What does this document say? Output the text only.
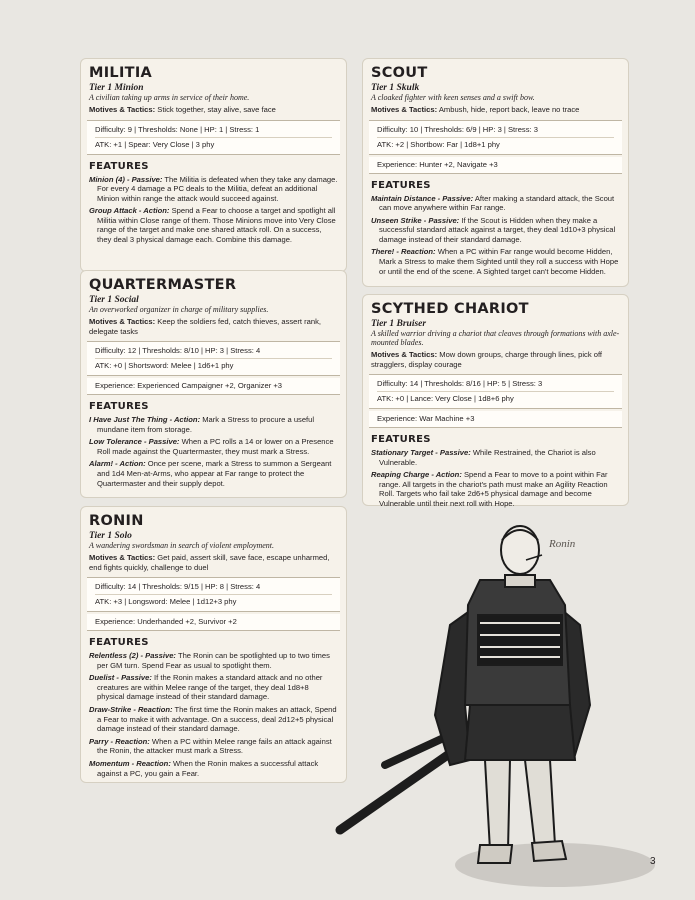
MILITIA
Tier 1 Minion
A civilian taking up arms in service of their home.
Motives & Tactics: Stick together, stay alive, save face
Difficulty: 9 | Thresholds: None | HP: 1 | Stress: 1
ATK: +1 | Spear: Very Close | 3 phy
FEATURES
Minion (4) - Passive: The Militia is defeated when they take any damage. For every 4 damage a PC deals to the Militia, defeat an additional Minion within range the attack would succeed against.
Group Attack - Action: Spend a Fear to choose a target and spotlight all Militia within Close range of them. Those Minions move into Very Close range of the target and make one shared attack roll. On a success, they deal 3 physical damage each. Combine this damage.
QUARTERMASTER
Tier 1 Social
An overworked organizer in charge of military supplies.
Motives & Tactics: Keep the soldiers fed, catch thieves, assert rank, delegate tasks
Difficulty: 12 | Thresholds: 8/10 | HP: 3 | Stress: 4
ATK: +0 | Shortsword: Melee | 1d6+1 phy
Experience: Experienced Campaigner +2, Organizer +3
FEATURES
I Have Just The Thing - Action: Mark a Stress to procure a useful mundane item from storage.
Low Tolerance - Passive: When a PC rolls a 14 or lower on a Presence Roll made against the Quartermaster, they must mark a Stress.
Alarm! - Action: Once per scene, mark a Stress to summon a Sergeant and 1d4 Men-at-Arms, who appear at Far range to protect the Quartermaster and their supply depot.
RONIN
Tier 1 Solo
A wandering swordsman in search of violent employment.
Motives & Tactics: Get paid, assert skill, save face, escape unharmed, end fights quickly, challenge to duel
Difficulty: 14 | Thresholds: 9/15 | HP: 8 | Stress: 4
ATK: +3 | Longsword: Melee | 1d12+3 phy
Experience: Underhanded +2, Survivor +2
FEATURES
Relentless (2) - Passive: The Ronin can be spotlighted up to two times per GM turn. Spend Fear as usual to spotlight them.
Duelist - Passive: If the Ronin makes a standard attack and no other creatures are within Melee range of the target, they deal 1d8+8 physical damage instead of their standard damage.
Draw-Strike - Reaction: The first time the Ronin makes an attack, Spend a Fear to make it with advantage. On a success, deal 2d12+5 physical damage instead of their standard damage.
Parry - Reaction: When a PC within Melee range fails an attack against the Ronin, the attacker must mark a Stress.
Momentum - Reaction: When the Ronin makes a successful attack against a PC, you gain a Fear.
SCOUT
Tier 1 Skulk
A cloaked fighter with keen senses and a swift bow.
Motives & Tactics: Ambush, hide, report back, leave no trace
Difficulty: 10 | Thresholds: 6/9 | HP: 3 | Stress: 3
ATK: +2 | Shortbow: Far | 1d8+1 phy
Experience: Hunter +2, Navigate +3
FEATURES
Maintain Distance - Passive: After making a standard attack, the Scout can move anywhere within Far range.
Unseen Strike - Passive: If the Scout is Hidden when they make a successful standard attack against a target, they deal 1d10+3 physical damage instead of their standard damage.
There! - Reaction: When a PC within Far range would become Hidden, Mark a Stress to make them Sighted until they roll a success with Hope or until the end of the scene. A Sighted target can't become Hidden.
SCYTHED CHARIOT
Tier 1 Bruiser
A skilled warrior driving a chariot that cleaves through formations with axle-mounted blades.
Motives & Tactics: Mow down groups, charge through lines, pick off stragglers, display courage
Difficulty: 14 | Thresholds: 8/16 | HP: 5 | Stress: 3
ATK: +0 | Lance: Very Close | 1d8+6 phy
Experience: War Machine +3
FEATURES
Stationary Target - Passive: While Restrained, the Chariot is also Vulnerable.
Reaping Charge - Action: Spend a Fear to move to a point within Far range. All targets in the chariot's path must make an Agility Reaction Roll. Targets who fail take 2d6+5 physical damage and become Vulnerable until their next roll with Hope.
Ronin
3
